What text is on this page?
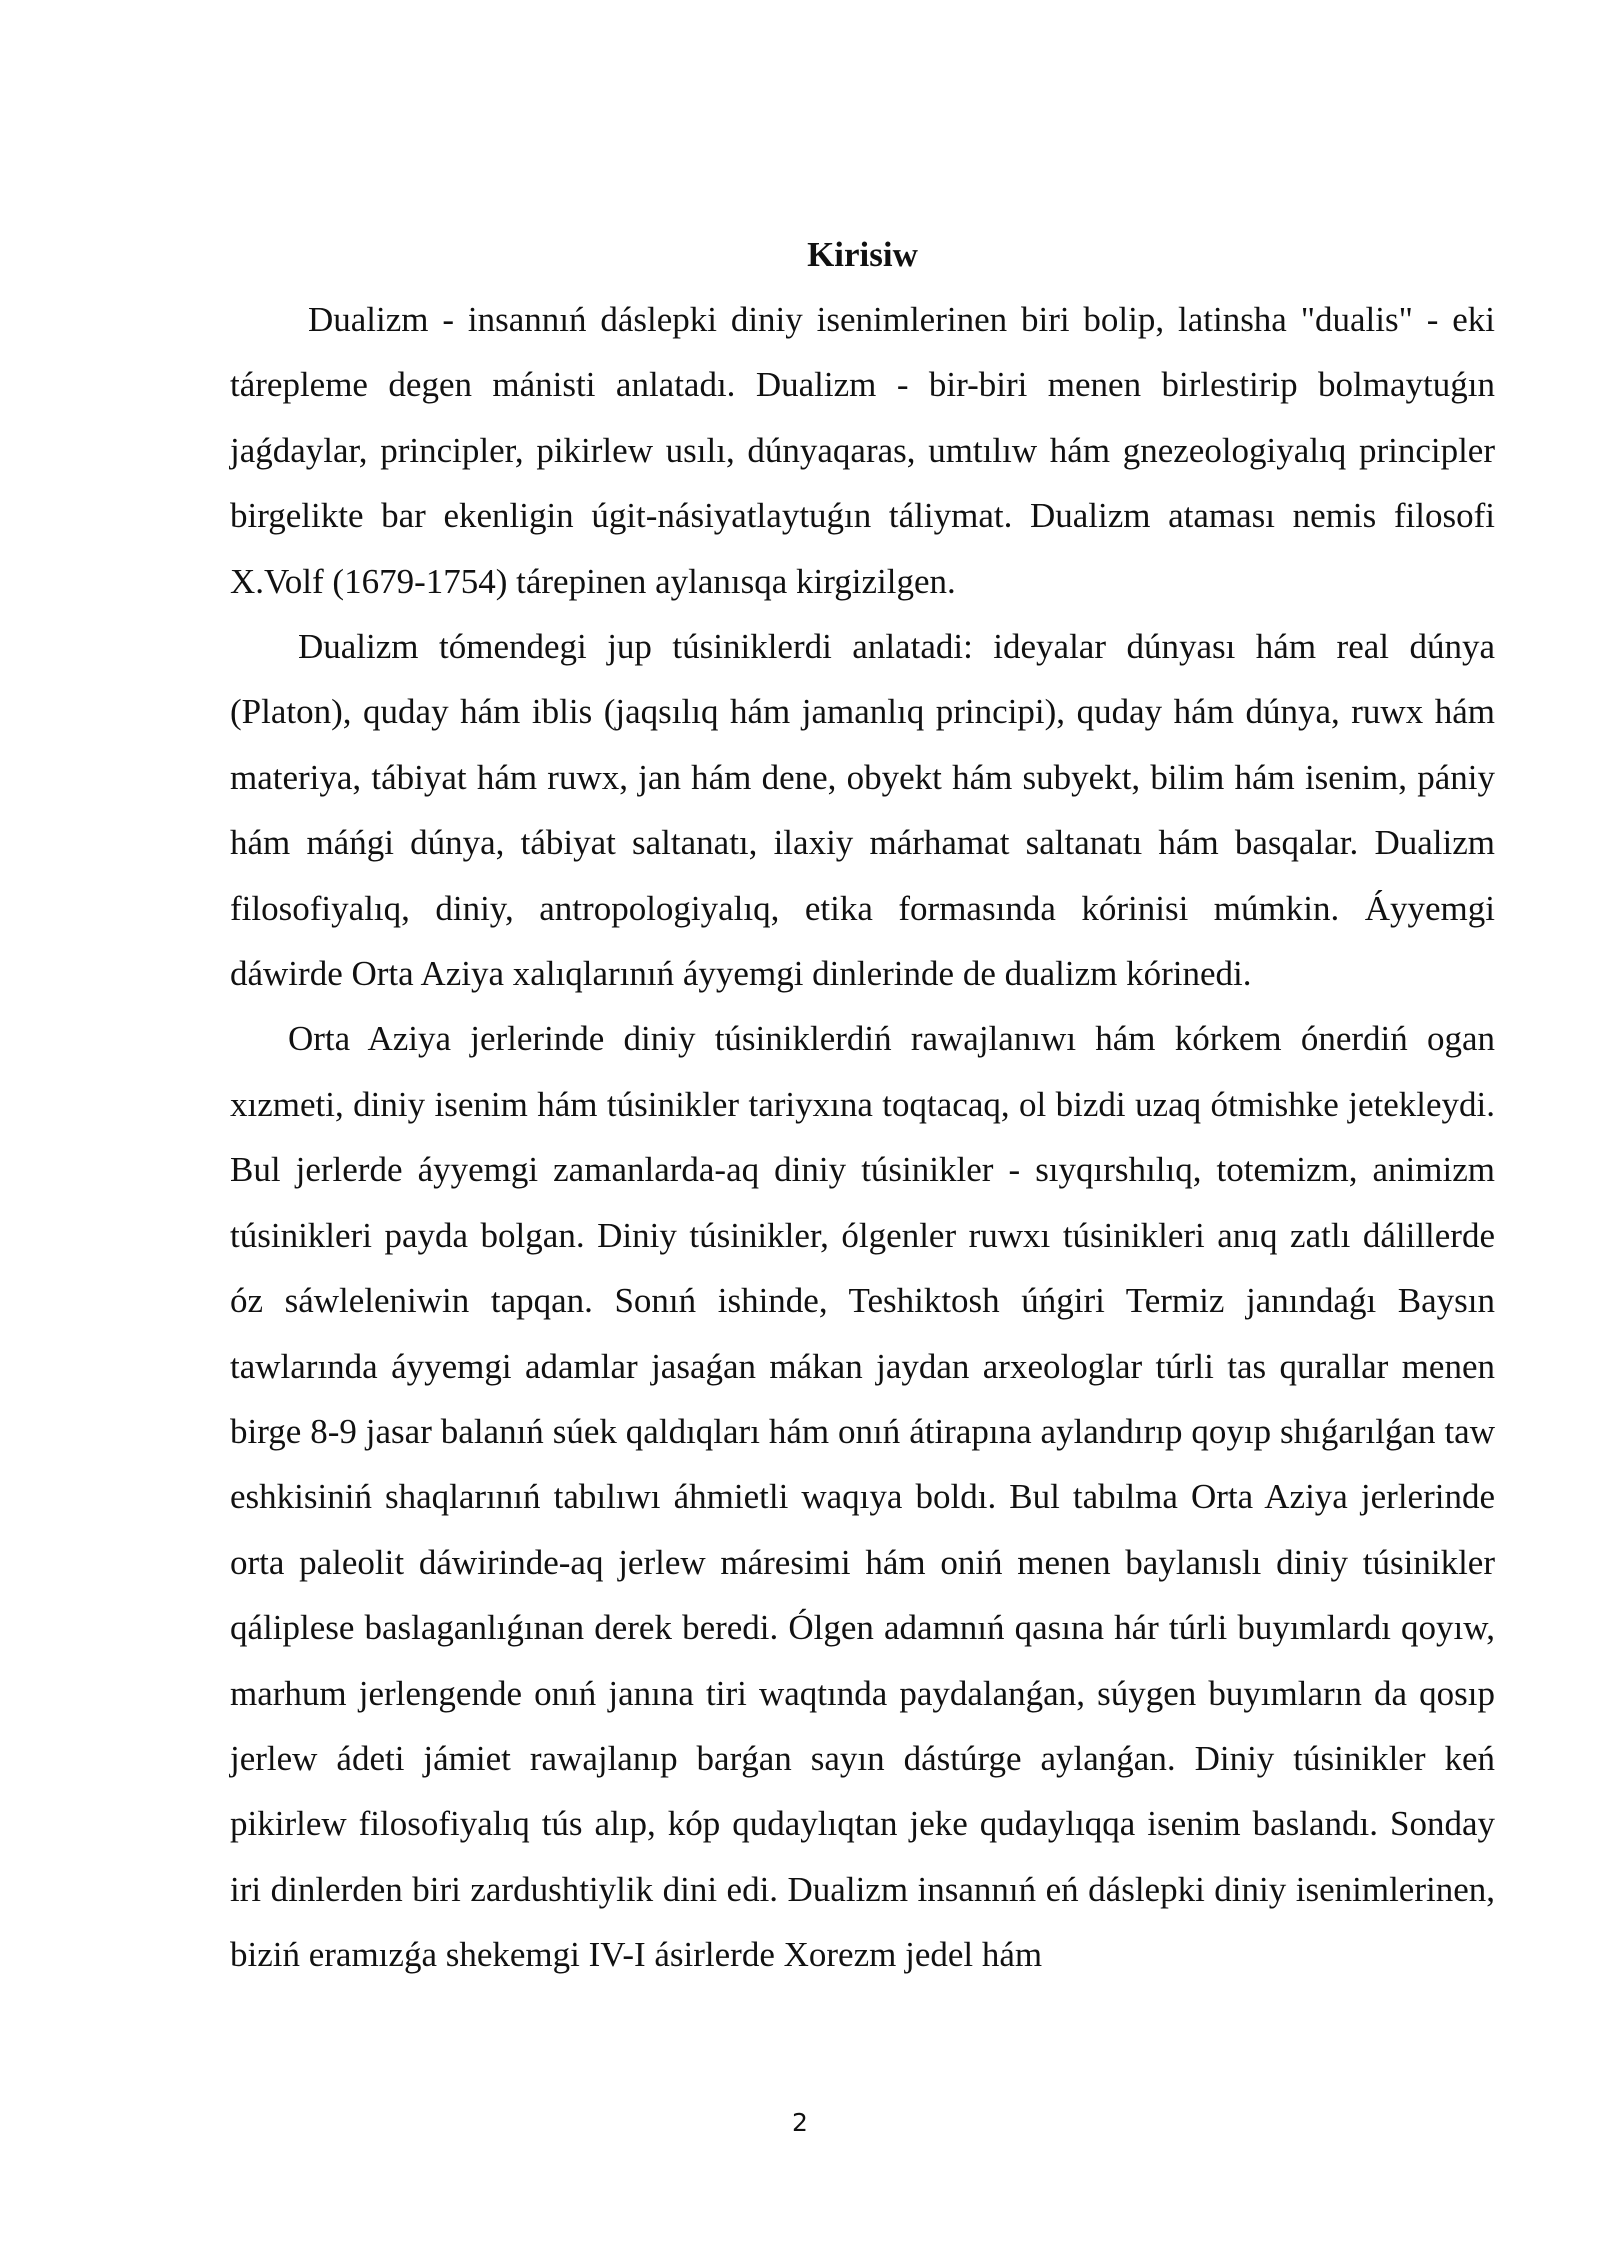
Kirisiw

Dualizm - insannıń dáslepki diniy isenimlerinen biri bolip, latinsha "dualis" - eki tárepleme degen mánisti anlatadı. Dualizm - bir-biri menen birlestirip bolmaytuǵın jaǵdaylar, principler, pikirlew usılı, dúnyaqaras, umtılıw hám gnezeologiyalıq principler birgelikte bar ekenligin úgit-násiyatlaytuǵın táliymat. Dualizm ataması nemis filosofi X.Volf (1679-1754) tárepinen aylanısqa kirgizilgen.

Dualizm tómendegi jup túsiniklerdi anlatadi: ideyalar dúnyası hám real dúnya (Platon), quday hám iblis (jaqsılıq hám jamanlıq principi), quday hám dúnya, ruwx hám materiya, tábiyat hám ruwx, jan hám dene, obyekt hám subyekt, bilim hám isenim, pániy hám máńgi dúnya, tábiyat saltanatı, ilaxiy márhamat saltanatı hám basqalar. Dualizm filosofiyalıq, diniy, antropologiyalıq, etika formasında kórinisi múmkin. Áyyemgi dáwirde Orta Aziya xalıqlarınıń áyyemgi dinlerinde de dualizm kórinedi.

Orta Aziya jerlerinde diniy túsiniklerdiń rawajlanıwı hám kórkem ónerdiń ogan xızmeti, diniy isenim hám túsinikler tariyxına toqtacaq, ol bizdi uzaq ótmishke jetekleydi. Bul jerlerde áyyemgi zamanlarda-aq diniy túsinikler - sıyqırshılıq, totemizm, animizm túsinikleri payda bolgan. Diniy túsinikler, ólgenler ruwxı túsinikleri anıq zatlı dálillerde óz sáwleleniwin tapqan. Sonıń ishinde, Teshiktosh úńgiri Termiz janındaǵı Baysın tawlarında áyyemgi adamlar jasaǵan mákan jaydan arxeologlar túrli tas qurallar menen birge 8-9 jasar balanıń súek qaldıqları hám onıń átirapına aylandırıp qoyıp shıǵarılǵan taw eshkisiniń shaqlarınıń tabılıwı áhmietli waqıya boldı. Bul tabılma Orta Aziya jerlerinde orta paleolit dáwirinde-aq jerlew máresimi hám oniń menen baylanıslı diniy túsinikler qáliplese baslaganlıǵınan derek beredi. Ólgen adamnıń qasına hár túrli buyımlardı qoyıw, marhum jerlengende onıń janına tiri waqtında paydalanǵan, súygen buyımların da qosıp jerlew ádeti jámiet rawajlanıp barǵan sayın dástúrge aylanǵan. Diniy túsinikler keń pikirlew filosofiyalıq tús alıp, kóp qudaylıqtan jeke qudaylıqqa isenim baslandı. Sonday iri dinlerden biri zardushtiylik dini edi. Dualizm insannıń eń dáslepki diniy isenimlerinen, biziń eramızǵa shekemgi IV-I ásirlerde Xorezm jedel hám

2
